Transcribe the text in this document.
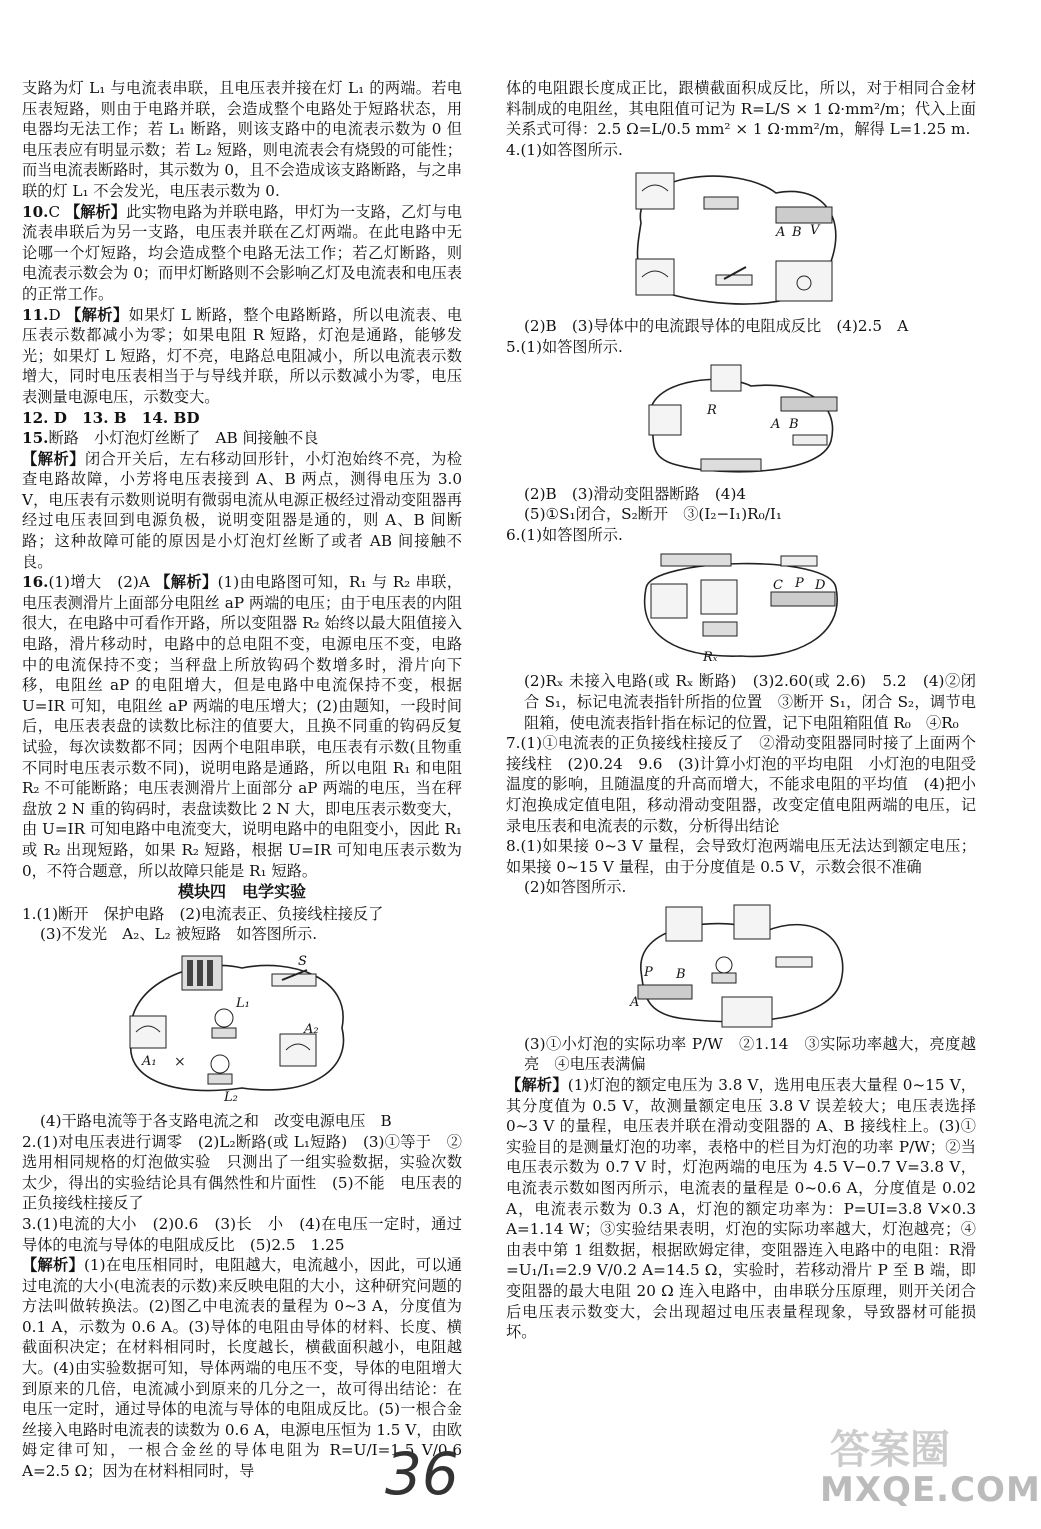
支路为灯 L₁ 与电流表串联，且电压表并接在灯 L₁ 的两端。若电压表短路，则由于电路并联，会造成整个电路处于短路状态，用电器均无法工作；若 L₁ 断路，则该支路中的电流表示数为 0 但电压表应有明显示数；若 L₂ 短路，则电流表会有烧毁的可能性；而当电流表断路时，其示数为 0，且不会造成该支路断路，与之串联的灯 L₁ 不会发光，电压表示数为 0.

10.C 【解析】此实物电路为并联电路，甲灯为一支路，乙灯与电流表串联后为另一支路，电压表并联在乙灯两端。在此电路中无论哪一个灯短路，均会造成整个电路无法工作；若乙灯断路，则电流表示数会为 0；而甲灯断路则不会影响乙灯及电流表和电压表的正常工作。

11.D 【解析】如果灯 L 断路，整个电路断路，所以电流表、电压表示数都减小为零；如果电阻 R 短路，灯泡是通路，能够发光；如果灯 L 短路，灯不亮，电路总电阻减小，所以电流表示数增大，同时电压表相当于与导线并联，所以示数减小为零，电压表测量电源电压，示数变大。

12. D　13. B　14. BD

15.断路　小灯泡灯丝断了　AB 间接触不良
【解析】闭合开关后，左右移动回形针，小灯泡始终不亮，为检查电路故障，小芳将电压表接到 A、B 两点，测得电压为 3.0 V，电压表有示数则说明有微弱电流从电源正极经过滑动变阻器再经过电压表回到电源负极，说明变阻器是通的，则 A、B 间断路；这种故障可能的原因是小灯泡灯丝断了或者 AB 间接触不良。

16.(1)增大　(2)A 【解析】(1)由电路图可知，R₁ 与 R₂ 串联，电压表测滑片上面部分电阻丝 aP 两端的电压；由于电压表的内阻很大，在电路中可看作开路，所以变阻器 R₂ 始终以最大阻值接入电路，滑片移动时，电路中的总电阻不变，电源电压不变，电路中的电流保持不变；当秤盘上所放钩码个数增多时，滑片向下移，电阻丝 aP 的电阻增大，但是电路中电流保持不变，根据 U=IR 可知，电阻丝 aP 两端的电压增大；(2)由题知，一段时间后，电压表表盘的读数比标注的值要大，且换不同重的钩码反复试验，每次读数都不同；因两个电阻串联，电压表有示数(且物重不同时电压表示数不同)，说明电路是通路，所以电阻 R₁ 和电阻 R₂ 不可能断路；电压表测滑片上面部分 aP 两端的电压，当在秤盘放 2 N 重的钩码时，表盘读数比 2 N 大，即电压表示数变大，由 U=IR 可知电路中电流变大，说明电路中的电阻变小，因此 R₁ 或 R₂ 出现短路，如果 R₂ 短路，根据 U=IR 可知电压表示数为 0，不符合题意，所以故障只能是 R₁ 短路。

模块四　电学实验

1.(1)断开　保护电路　(2)电流表正、负接线柱接反了

(3)不发光　A₂、L₂ 被短路　如答图所示.

×
S
L₁
A₂
A₁
L₂

(4)干路电流等于各支路电流之和　改变电源电压　B

2.(1)对电压表进行调零　(2)L₂断路(或 L₁短路)　(3)①等于　②选用相同规格的灯泡做实验　只测出了一组实验数据，实验次数太少，得出的实验结论具有偶然性和片面性　(5)不能　电压表的正负接线柱接反了

3.(1)电流的大小　(2)0.6　(3)长　小　(4)在电压一定时，通过导体的电流与导体的电阻成反比　(5)2.5　1.25

【解析】(1)在电压相同时，电阻越大，电流越小，因此，可以通过电流的大小(电流表的示数)来反映电阻的大小，这种研究问题的方法叫做转换法。(2)图乙中电流表的量程为 0~3 A，分度值为 0.1 A，示数为 0.6 A。(3)导体的电阻由导体的材料、长度、横截面积决定；在材料相同时，长度越长，横截面积越小，电阻越大。(4)由实验数据可知，导体两端的电压不变，导体的电阻增大到原来的几倍，电流减小到原来的几分之一，故可得出结论：在电压一定时，通过导体的电流与导体的电阻成反比。(5)一根合金丝接入电路时电流表的读数为 0.6 A，电源电压恒为 1.5 V，由欧姆定律可知，一根合金丝的导体电阻为 R=U/I=1.5 V/0.6 A=2.5 Ω；因为在材料相同时，导

体的电阻跟长度成正比，跟横截面积成反比，所以，对于相同合金材料制成的电阻丝，其电阻值可记为 R=L/S × 1 Ω·mm²/m；代入上面关系式可得：2.5 Ω=L/0.5 mm² × 1 Ω·mm²/m，解得 L=1.25 m.

4.(1)如答图所示.

A B V

(2)B　(3)导体中的电流跟导体的电阻成反比　(4)2.5　A

5.(1)如答图所示.

R
A B

(2)B　(3)滑动变阻器断路　(4)4

(5)①S₁闭合，S₂断开　③(I₂−I₁)R₀/I₁

6.(1)如答图所示.

C P D
Rₓ

(2)Rₓ 未接入电路(或 Rₓ 断路)　(3)2.60(或 2.6)　5.2　(4)②闭合 S₁，标记电流表指针所指的位置　③断开 S₁，闭合 S₂，调节电阻箱，使电流表指针指在标记的位置，记下电阻箱阻值 R₀　④R₀

7.(1)①电流表的正负接线柱接反了　②滑动变阻器同时接了上面两个接线柱　(2)0.24　9.6　(3)计算小灯泡的平均电阻　小灯泡的电阻受温度的影响，且随温度的升高而增大，不能求电阻的平均值　(4)把小灯泡换成定值电阻，移动滑动变阻器，改变定值电阻两端的电压，记录电压表和电流表的示数，分析得出结论

8.(1)如果接 0~3 V 量程，会导致灯泡两端电压无法达到额定电压；如果接 0~15 V 量程，由于分度值是 0.5 V，示数会很不准确

(2)如答图所示.

P B
A

(3)①小灯泡的实际功率 P/W　②1.14　③实际功率越大，亮度越亮　④电压表满偏

【解析】(1)灯泡的额定电压为 3.8 V，选用电压表大量程 0~15 V，其分度值为 0.5 V，故测量额定电压 3.8 V 误差较大；电压表选择 0~3 V 的量程，电压表并联在滑动变阻器的 A、B 接线柱上。(3)①实验目的是测量灯泡的功率，表格中的栏目为灯泡的功率 P/W；②当电压表示数为 0.7 V 时，灯泡两端的电压为 4.5 V−0.7 V=3.8 V，电流表示数如图丙所示，电流表的量程是 0~0.6 A，分度值是 0.02 A，电流表示数为 0.3 A，灯泡的额定功率为：P=UI=3.8 V×0.3 A=1.14 W；③实验结果表明，灯泡的实际功率越大，灯泡越亮；④由表中第 1 组数据，根据欧姆定律，变阻器连入电路中的电阻：R滑=U₁/I₁=2.9 V/0.2 A=14.5 Ω，实验时，若移动滑片 P 至 B 端，即变阻器的最大电阻 20 Ω 连入电路中，由串联分压原理，则开关闭合后电压表示数变大，会出现超过电压表量程现象，导致器材可能损坏。

36	答案圈
MXQE.COM
